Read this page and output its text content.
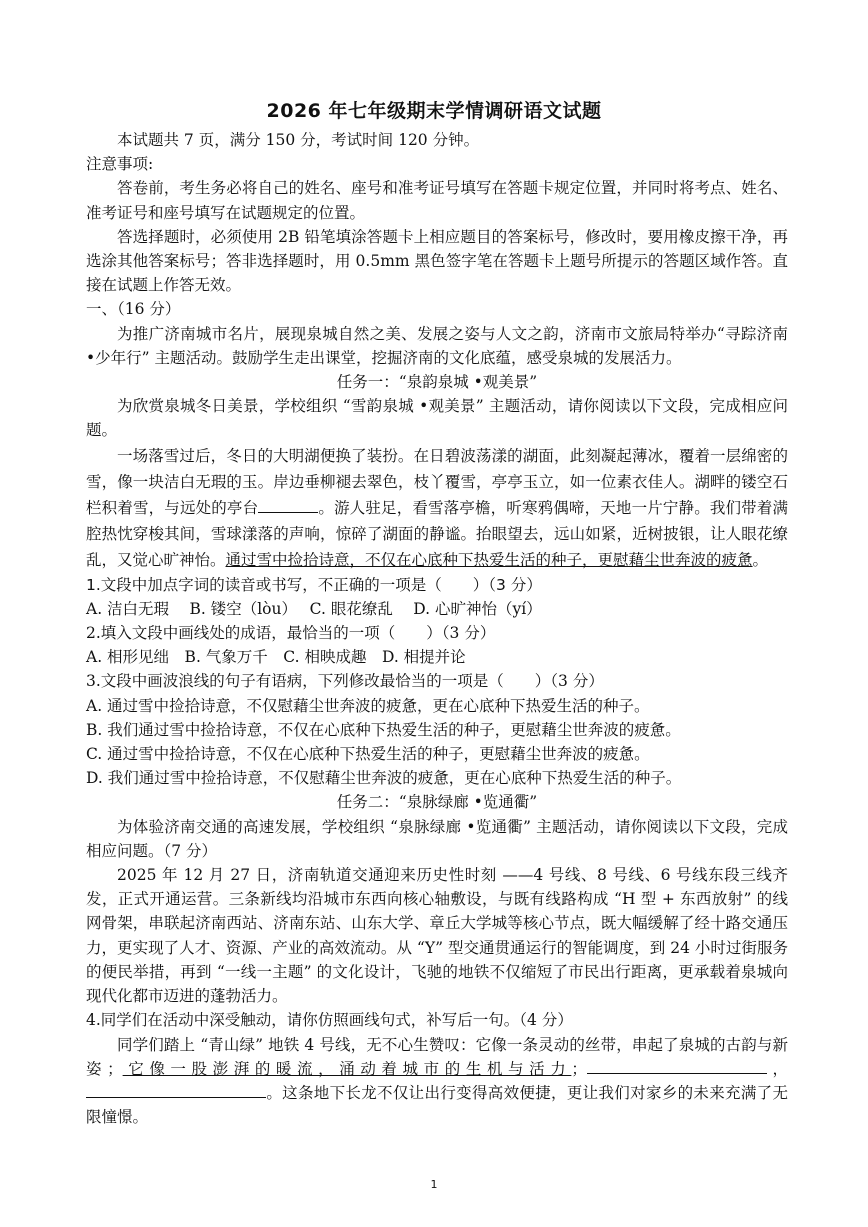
2026 年七年级期末学情调研语文试题

本试题共 7 页，满分 150 分，考试时间 120 分钟。

注意事项:

答卷前，考生务必将自己的姓名、座号和准考证号填写在答题卡规定位置，并同时将考点、姓名、准考证号和座号填写在试题规定的位置。

答选择题时，必须使用 2B 铅笔填涂答题卡上相应题目的答案标号，修改时，要用橡皮擦干净，再选涂其他答案标号；答非选择题时，用 0.5mm 黑色签字笔在答题卡上题号所提示的答题区域作答。直接在试题上作答无效。

一、（16 分）

为推广济南城市名片，展现泉城自然之美、发展之姿与人文之韵，济南市文旅局特举办“寻踪济南 •少年行” 主题活动。鼓励学生走出课堂，挖掘济南的文化底蕴，感受泉城的发展活力。

任务一：“泉韵泉城 •观美景”

为欣赏泉城冬日美景，学校组织 “雪韵泉城 •观美景” 主题活动，请你阅读以下文段，完成相应问题。

一场落雪过后，冬日的大明湖便换了装扮。在日碧波荡漾的湖面，此刻凝起薄冰，覆着一层绵密的雪，像一块洁白无瑕的玉。岸边垂柳褪去翠色，枝丫覆雪，亭亭玉立，如一位素衣佳人。湖畔的镂空石栏积着雪，与远处的亭台	。游人驻足，看雪落亭檐，听寒鸦偶啼，天地一片宁静。我们带着满腔热忱穿梭其间，雪球漾落的声响，惊碎了湖面的静谧。抬眼望去，远山如紧，近树披银，让人眼花缭乱，又觉心旷神怡。通过雪中捡拾诗意，不仅在心底种下热爱生活的种子，更慰藉尘世奔波的疲惫。

1.文段中加点字词的读音或书写，不正确的一项是（　　）（3 分）

A. 洁白无瑕　 B. 镂空（lòu）　 C. 眼花缭乱　 D. 心旷神怡（yí）

2.填入文段中画线处的成语，最恰当的一项（　　）（3 分）

A. 相形见绌　B. 气象万千　C. 相映成趣　D. 相提并论

3.文段中画波浪线的句子有语病，下列修改最恰当的一项是（　　）（3 分）

A. 通过雪中捡拾诗意，不仅慰藉尘世奔波的疲惫，更在心底种下热爱生活的种子。

B. 我们通过雪中捡拾诗意，不仅在心底种下热爱生活的种子，更慰藉尘世奔波的疲惫。

C. 通过雪中捡拾诗意，不仅在心底种下热爱生活的种子，更慰藉尘世奔波的疲惫。

D. 我们通过雪中捡拾诗意，不仅慰藉尘世奔波的疲惫，更在心底种下热爱生活的种子。

任务二：“泉脉绿廊 •览通衢”

为体验济南交通的高速发展，学校组织 “泉脉绿廊 •览通衢” 主题活动，请你阅读以下文段，完成相应问题。（7 分）

2025 年 12 月 27 日，济南轨道交通迎来历史性时刻 ——4 号线、8 号线、6 号线东段三线齐发，正式开通运营。三条新线均沿城市东西向核心轴敷设，与既有线路构成 “H 型 + 东西放射” 的线网骨架，串联起济南西站、济南东站、山东大学、章丘大学城等核心节点，既大幅缓解了经十路交通压力，更实现了人才、资源、产业的高效流动。从 “Y” 型交通贯通运行的智能调度，到 24 小时过街服务的便民举措，再到 “一线一主题” 的文化设计，飞驰的地铁不仅缩短了市民出行距离，更承载着泉城向现代化都市迈进的蓬勃活力。

4.同学们在活动中深受触动，请你仿照画线句式，补写后一句。（4 分）

同学们踏上 “青山绿” 地铁 4 号线，无不心生赞叹：它像一条灵动的丝带，串起了泉城的古韵与新姿；它像一股澎湃的暖流，涌动着城市的生机与活力；	，。这条地下长龙不仅让出行变得高效便捷，更让我们对家乡的未来充满了无限憧憬。

1
